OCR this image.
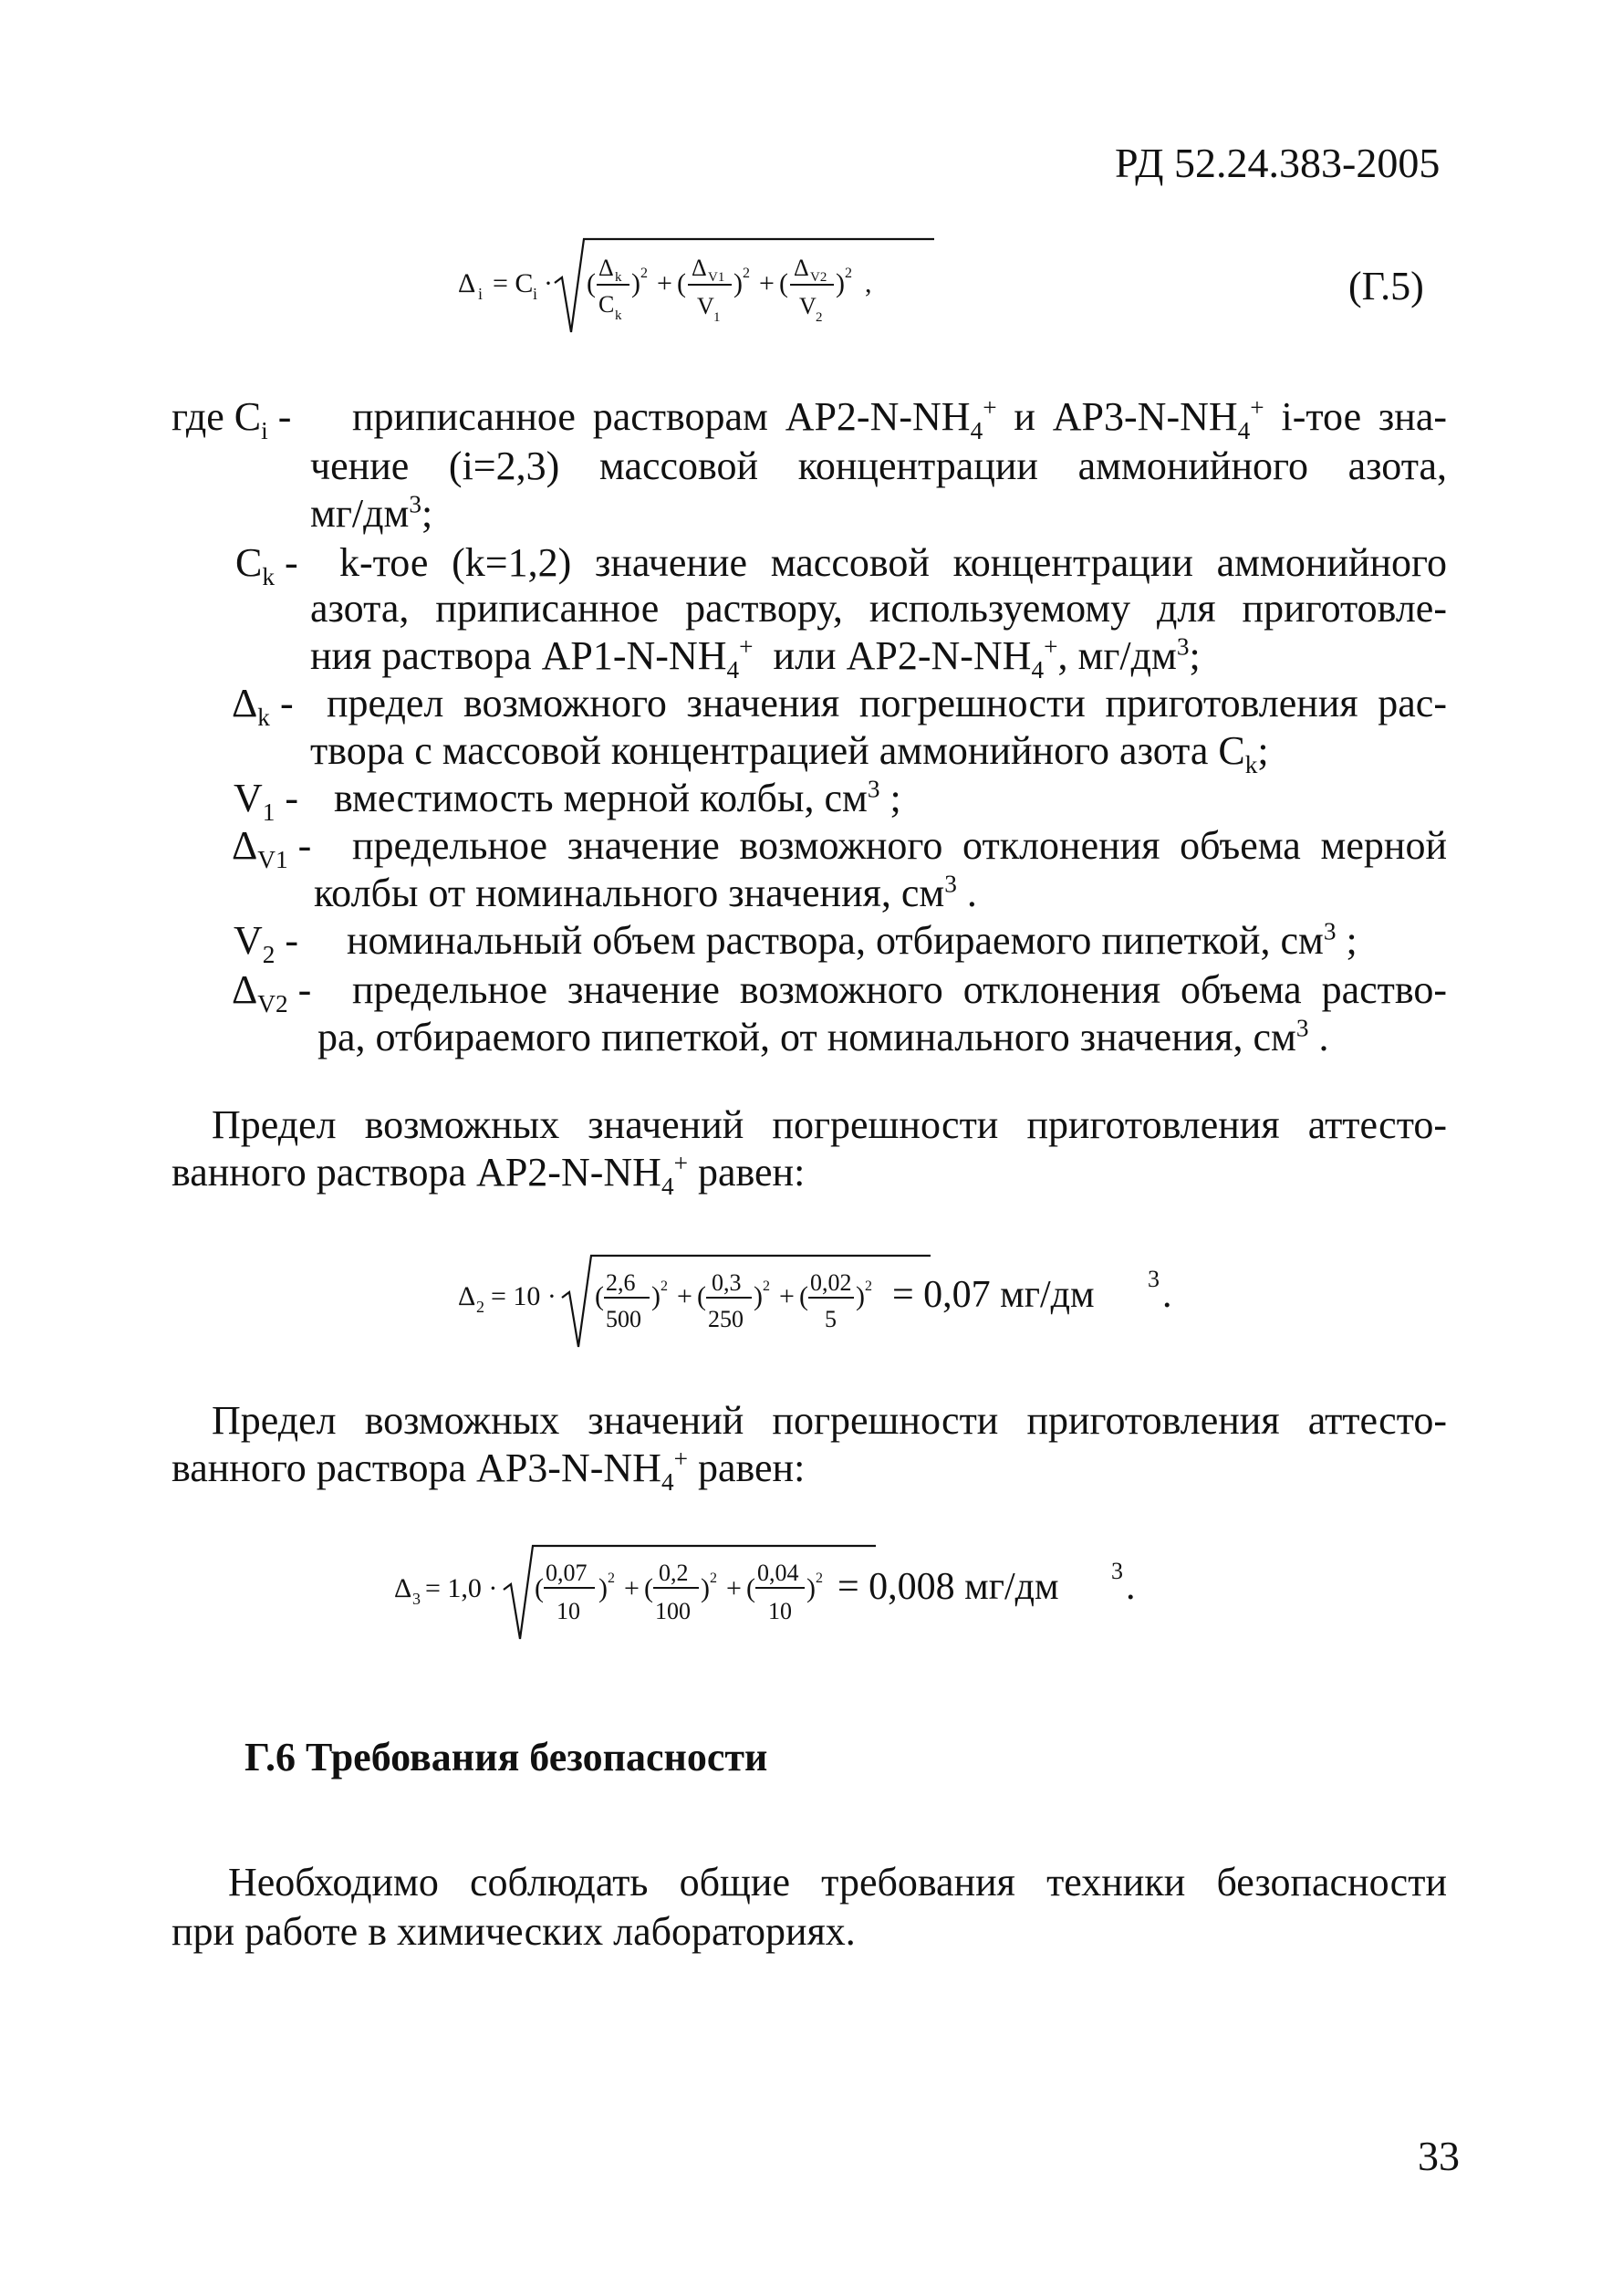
РД 52.24.383-2005
Δ i = C i · (
Δ k
C k
) 2 + (
Δ V1
V 1
) 2 + (
Δ V2
V 2
) 2 ,	(Г.5)
где $C_i$ - приписанное растворам $АР2-N-NH_4^+$ и $АР3-N-NH_4^+$ i-тое зна-
чение (i=2,3) массовой концентрации аммонийного азота,
$мг/дм^3$;
$C_k - k-тое$ (k=1,2) значение массовой концентрации аммонийного
азота, приписанное раствору, используемому для приготовле-
ния раствора $АР1-N-NH_4^+$ или $АР2-N-NH_4^+$, $мг/дм^3$;
$\Delta_k$ - предел возможного значения погрешности приготовления рас-
твора с массовой концентрацией аммонийного азота $C_k$;
$V_1$ - вместимость мерной колбы, $см^3$ ;
$\Delta_{V1}$ - предельное значение возможного отклонения объема мерной
колбы от номинального значения, $см^3$ .
$V_2$ - номинальный объем раствора, отбираемого пипеткой, $см^3$ ;
$\Delta_{V2}$ - предельное значение возможного отклонения объема раство-
ра, отбираемого пипеткой, от номинального значения, $см^3$ .
Предел возможных значений погрешности приготовления аттесто-
ванного раствора $АР2-N-NH_4^+$ равен:
Δ 2 = 10 · ( 2,6
500
) 2 + ( 0,3
250
) 2 + ( 0,02
5
) 2 = 0,07 мг/дм 3 .
Предел возможных значений погрешности приготовления аттесто-
ванного раствора $АР3-N-NH_4^+$ равен:
Δ 3 = 1,0 · (
0,07
10
) 2 + (
0,2
100
) 2 + (
0,04
10
) 2 = 0,008 мг/дм 3 .
Г.6 Требования безопасности
Необходимо соблюдать общие требования техники безопасности
при работе в химических лабораториях.
33
